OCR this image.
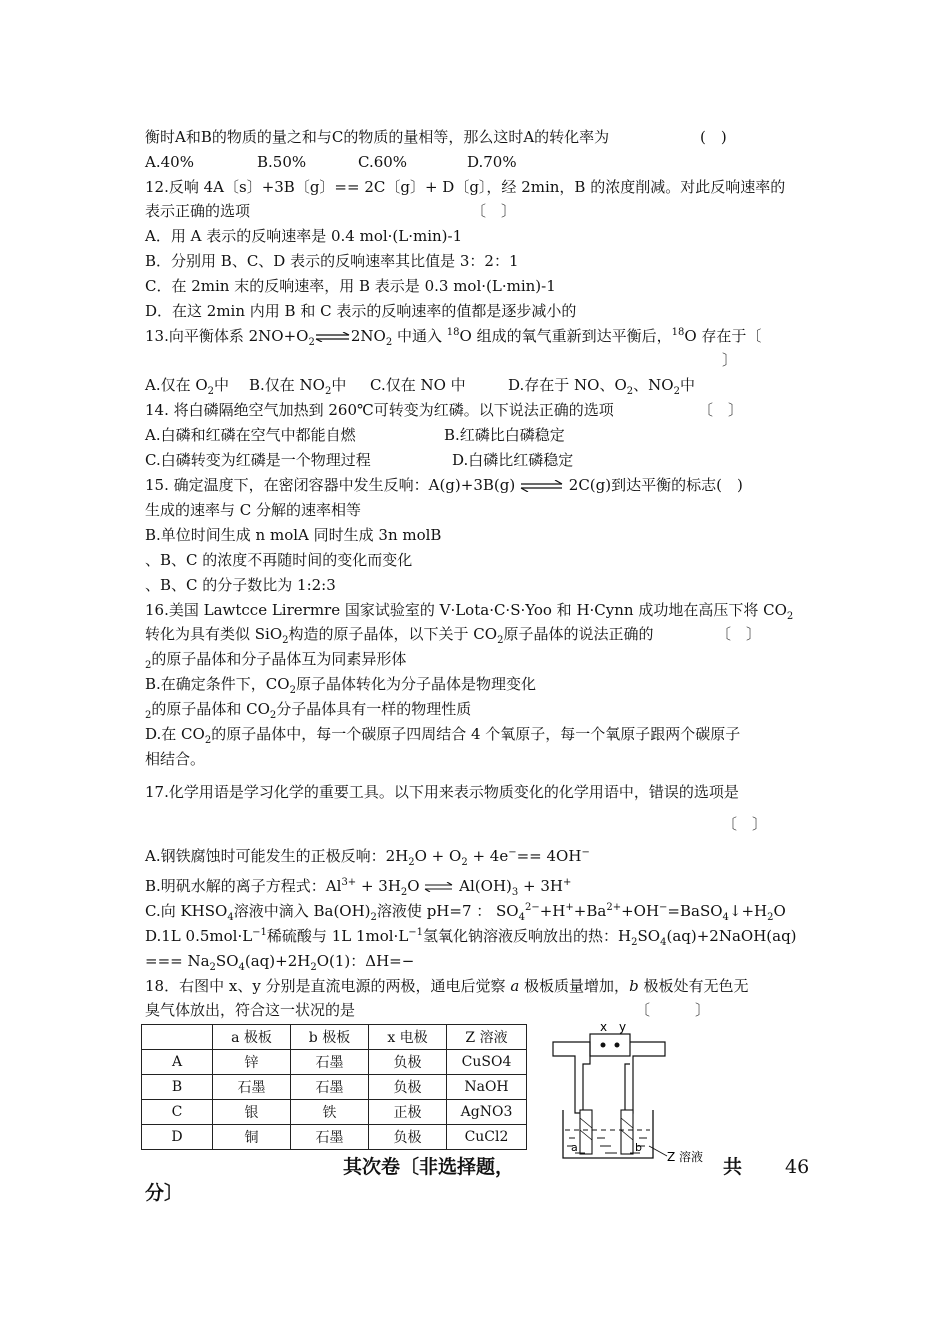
衡时A和B的物质的量之和与C的物质的量相等，那么这时A的转化率为	(　)
A.40%	B.50%	C.60%	D.70%
12.反响 4A〔s〕+3B〔g〕== 2C〔g〕+ D〔g〕，经 2min，B 的浓度削减。对此反响速率的
表示正确的选项	〔　〕
A．用 A 表示的反响速率是 0.4 mol·(L·min)-1
B．分别用 B、C、D 表示的反响速率其比值是 3：2：1
C．在 2min 末的反响速率，用 B 表示是 0.3 mol·(L·min)-1
D．在这 2min 内用 B 和 C 表示的反响速率的值都是逐步减小的
13.向平衡体系 $2NO+O_2\rightleftharpoons 2NO_2$ 中通入 $^{18}$O 组成的氧气重新到达平衡后，$^{18}$O 存在于〔
〕
A.仅在 $O_2$中 B.仅在 $NO_2$中 C.仅在 NO 中	D.存在于 NO、$O_2$、$NO_2$中
14. 将白磷隔绝空气加热到 260℃可转变为红磷。以下说法正确的选项	〔　〕
A.白磷和红磷在空气中都能自燃	B.红磷比白磷稳定
C.白磷转变为红磷是一个物理过程	D.白磷比红磷稳定
15. 确定温度下，在密闭容器中发生反响：A(g)+3B(g) ⇌ 2C(g)到达平衡的标志(　)
生成的速率与 C 分解的速率相等
B.单位时间生成 n molA 同时生成 3n molB
、B、C 的浓度不再随时间的变化而变化
、B、C 的分子数比为 1:2:3
16.美国 Lawtcce Lirermre 国家试验室的 V·Lota·C·S·Yoo 和 H·Cynn 成功地在高压下将 $CO_2$
转化为具有类似 SiO$_2$构造的原子晶体，以下关于 $CO_2$原子晶体的说法正确的	〔　〕
$_2$的原子晶体和分子晶体互为同素异形体
B.在确定条件下，$CO_2$原子晶体转化为分子晶体是物理变化
$_2$的原子晶体和 $CO_2$分子晶体具有一样的物理性质
D.在 $CO_2$的原子晶体中，每一个碳原子四周结合 4 个氧原子，每一个氧原子跟两个碳原子
相结合。
17.化学用语是学习化学的重要工具。以下用来表示物质变化的化学用语中，错误的选项是
〔　〕
A.钢铁腐蚀时可能发生的正极反响：$2H_2O + O_2 + 4e^-== 4OH^-$
B.明矾水解的离子方程式：$Al^{3+} + 3H_2O$ ⇌ $Al(OH)_3 + 3H^+$
C.向 $KHSO_4$溶液中滴入 $Ba(OH)_2$溶液使 pH=7 ： $SO_4^{2-}+H^++Ba^{2+}+OH^-=BaSO_4↓+H_2O$
D.1L $0.5mol\cdot L^{-1}$稀硫酸与 1L $1mol\cdot L^{-1}$氢氧化钠溶液反响放出的热：$H_2SO_4(aq)+2NaOH(aq)$
=== $Na_2SO_4(aq)+2H_2O(1)$：ΔH=−
18．右图中 x、y 分别是直流电源的两极，通电后觉察 a 极板质量增加，b 极板处有无色无
臭气体放出，符合这一状况的是	〔　　　〕
	a 极板	b 极板	x 电极	Z 溶液
A	锌	石墨	负极	CuSO4
B	石墨	石墨	负极	NaOH
C	银	铁	正极	AgNO3
D	铜	石墨	负极	CuCl2
x y
a	b
Z 溶液
其次卷〔非选择题，	共 46
分〕
